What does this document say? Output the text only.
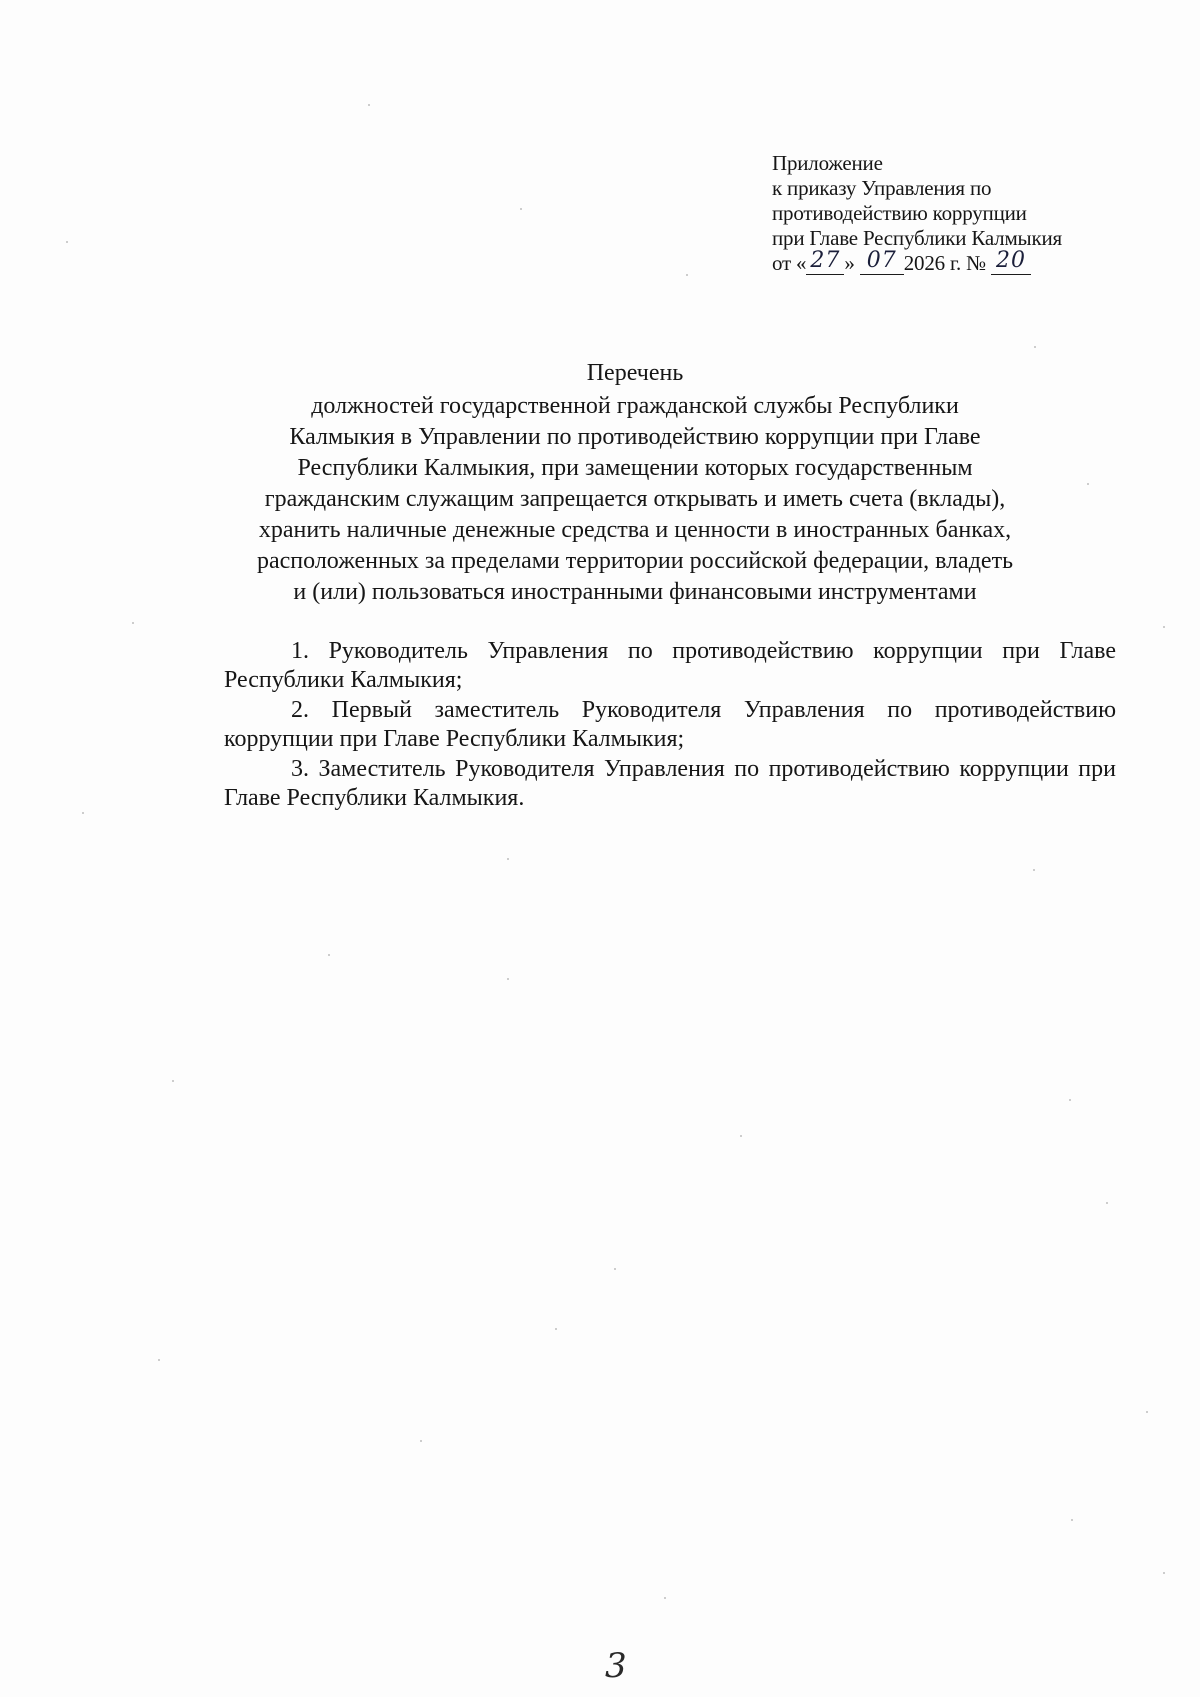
Приложение
к приказу Управления по
противодействию коррупции
при Главе Республики Калмыкия
от « 27 » 07 2026 г. № 20
Перечень
должностей государственной гражданской службы Республики
Калмыкия в Управлении по противодействию коррупции при Главе
Республики Калмыкия, при замещении которых государственным
гражданским служащим запрещается открывать и иметь счета (вклады),
хранить наличные денежные средства и ценности в иностранных банках,
расположенных за пределами территории российской федерации, владеть
и (или) пользоваться иностранными финансовыми инструментами

1. Руководитель Управления по противодействию коррупции при Главе Республики Калмыкия;

2. Первый заместитель Руководителя Управления по противодействию коррупции при Главе Республики Калмыкия;

3. Заместитель Руководителя Управления по противодействию коррупции при Главе Республики Калмыкия.

3
